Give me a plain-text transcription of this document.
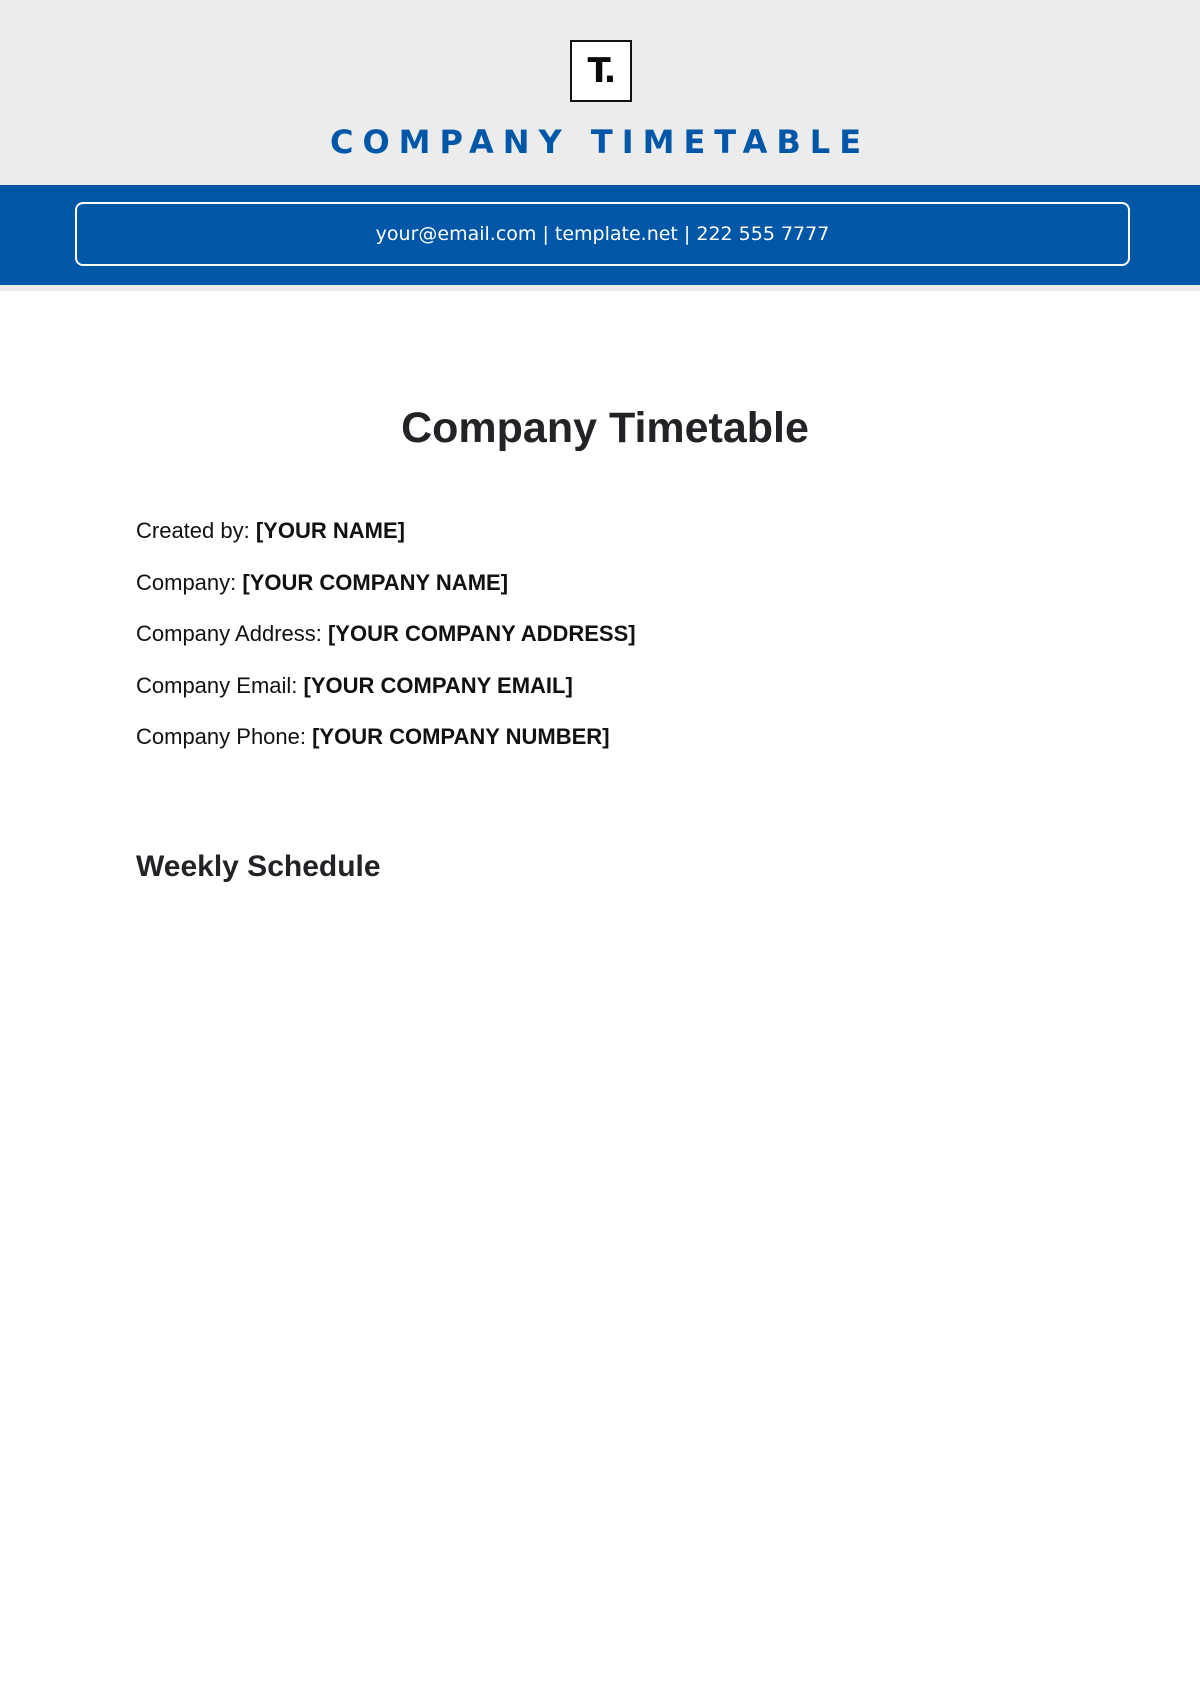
T.
COMPANY TIMETABLE
your@email.com | template.net | 222 555 7777
Company Timetable
Created by: [YOUR NAME]
Company: [YOUR COMPANY NAME]
Company Address: [YOUR COMPANY ADDRESS]
Company Email: [YOUR COMPANY EMAIL]
Company Phone: [YOUR COMPANY NUMBER]
Weekly Schedule
